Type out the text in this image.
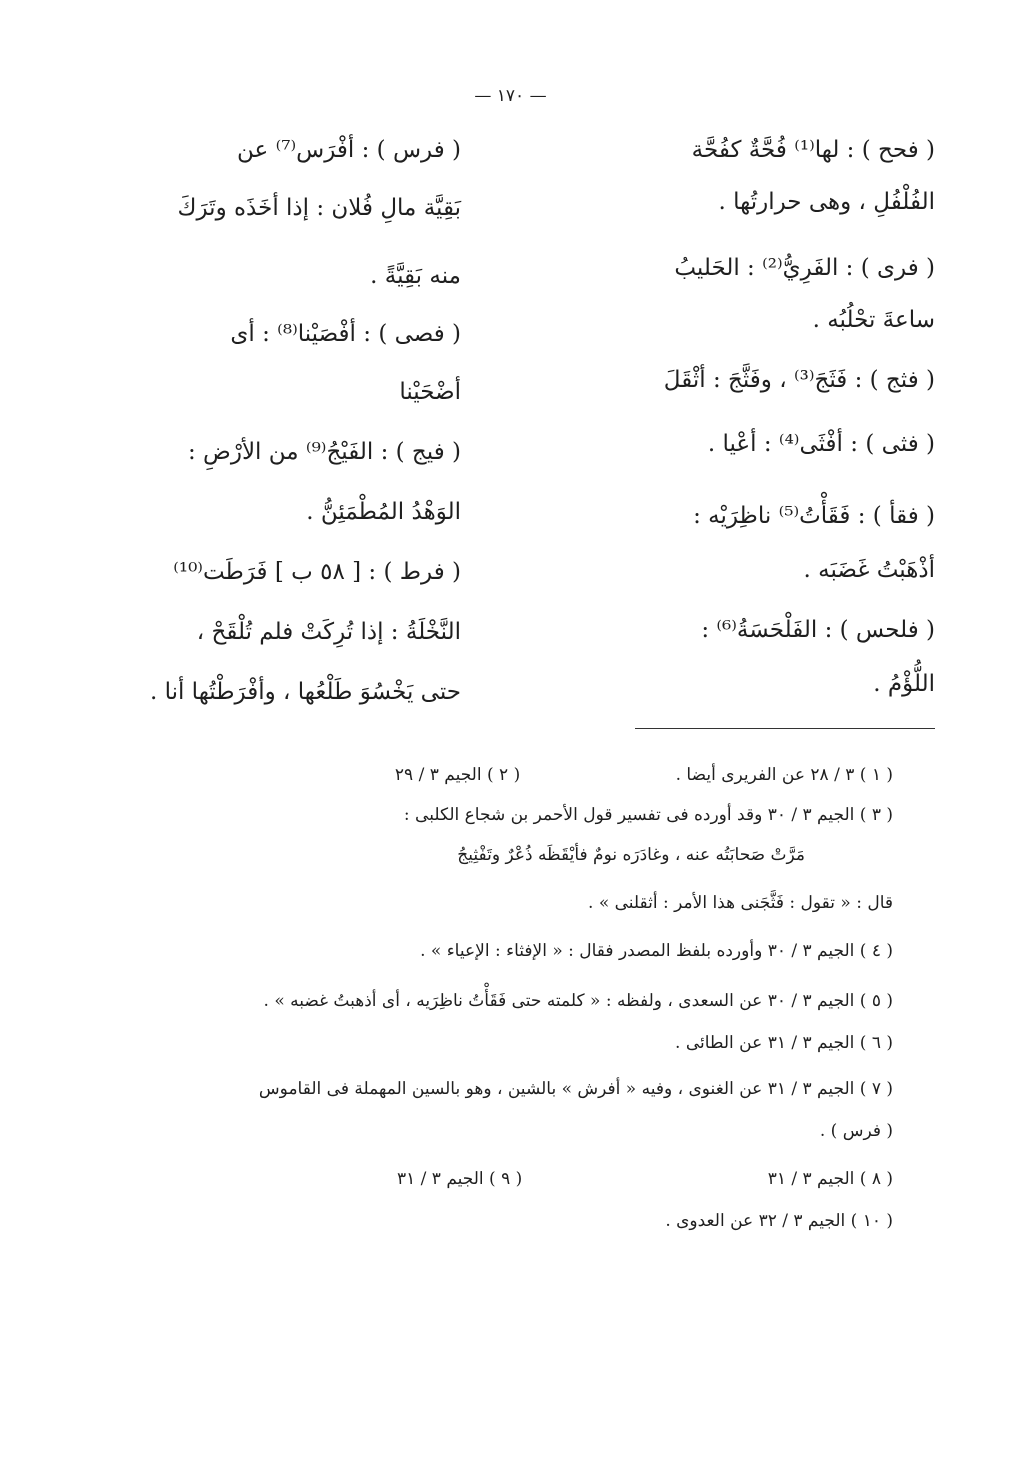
— ١٧٠ —
( فحح ) : لها⁽¹⁾ فُحَّةٌ كفُحَّة
الفُلْفُلِ ، وهى حرارتُها .
( فرى ) : الفَرِيُّ⁽²⁾ : الحَليبُ
ساعةَ تحْلُبُه .
( فثج ) : فَثَجَ⁽³⁾ ، وفَثَّجَ : أثْقَلَ
( فثى ) : أفْثَى⁽⁴⁾ : أعْيا .
( فقأ ) : فَقَأْتُ⁽⁵⁾ ناظِرَيْه :
أذْهَبْتُ غَضَبَه .
( فلحس ) : الفَلْحَسَةُ⁽⁶⁾ :
اللُّؤْمُ .
( فرس ) : أفْرَس⁽⁷⁾ عن
بَقِيَّة مالِ فُلان : إذا أخَذَه وتَرَكَ
منه بَقِيَّةً .
( فصى ) : أفْصَيْنا⁽⁸⁾ : أى
أضْحَيْنا
( فيج ) : الفَيْجُ⁽⁹⁾ من الأرْضِ :
الوَهْدُ المُطْمَئِنُّ .
( فرط ) : [ ٥٨ ب ] فَرَطَت⁽¹⁰⁾
النَّخْلَةُ : إذا تُرِكَتْ فلم تُلْقَحْ ،
حتى يَخْسُوَ طَلْعُها ، وأفْرَطْتُها أنا .
( ١ ) ٣ / ٢٨ عن الفريرى أيضا . ( ٢ ) الجيم ٣ / ٢٩
( ٣ ) الجيم ٣ / ٣٠ وقد أورده فى تفسير قول الأحمر بن شجاع الكلبى :
مَرَّتْ صَحابَتُه عنه ، وغادَرَه نومٌ فأيْقَظَه ذُعْرٌ وتَفْثِيجُ
قال : « تقول : فَثَّجَنى هذا الأمر : أثقلنى » .
( ٤ ) الجيم ٣ / ٣٠ وأورده بلفظ المصدر فقال : « الإفثاء : الإعياء » .
( ٥ ) الجيم ٣ / ٣٠ عن السعدى ، ولفظه : « كلمته حتى فَقَأْتُ ناظِرَيه ، أى أذهبتُ غضبه » .
( ٦ ) الجيم ٣ / ٣١ عن الطائى .
( ٧ ) الجيم ٣ / ٣١ عن الغنوى ، وفيه « أفرش » بالشين ، وهو بالسين المهملة فى القاموس
( فرس ) .
( ٨ ) الجيم ٣ / ٣١ ( ٩ ) الجيم ٣ / ٣١
( ١٠ ) الجيم ٣ / ٣٢ عن العدوى .
